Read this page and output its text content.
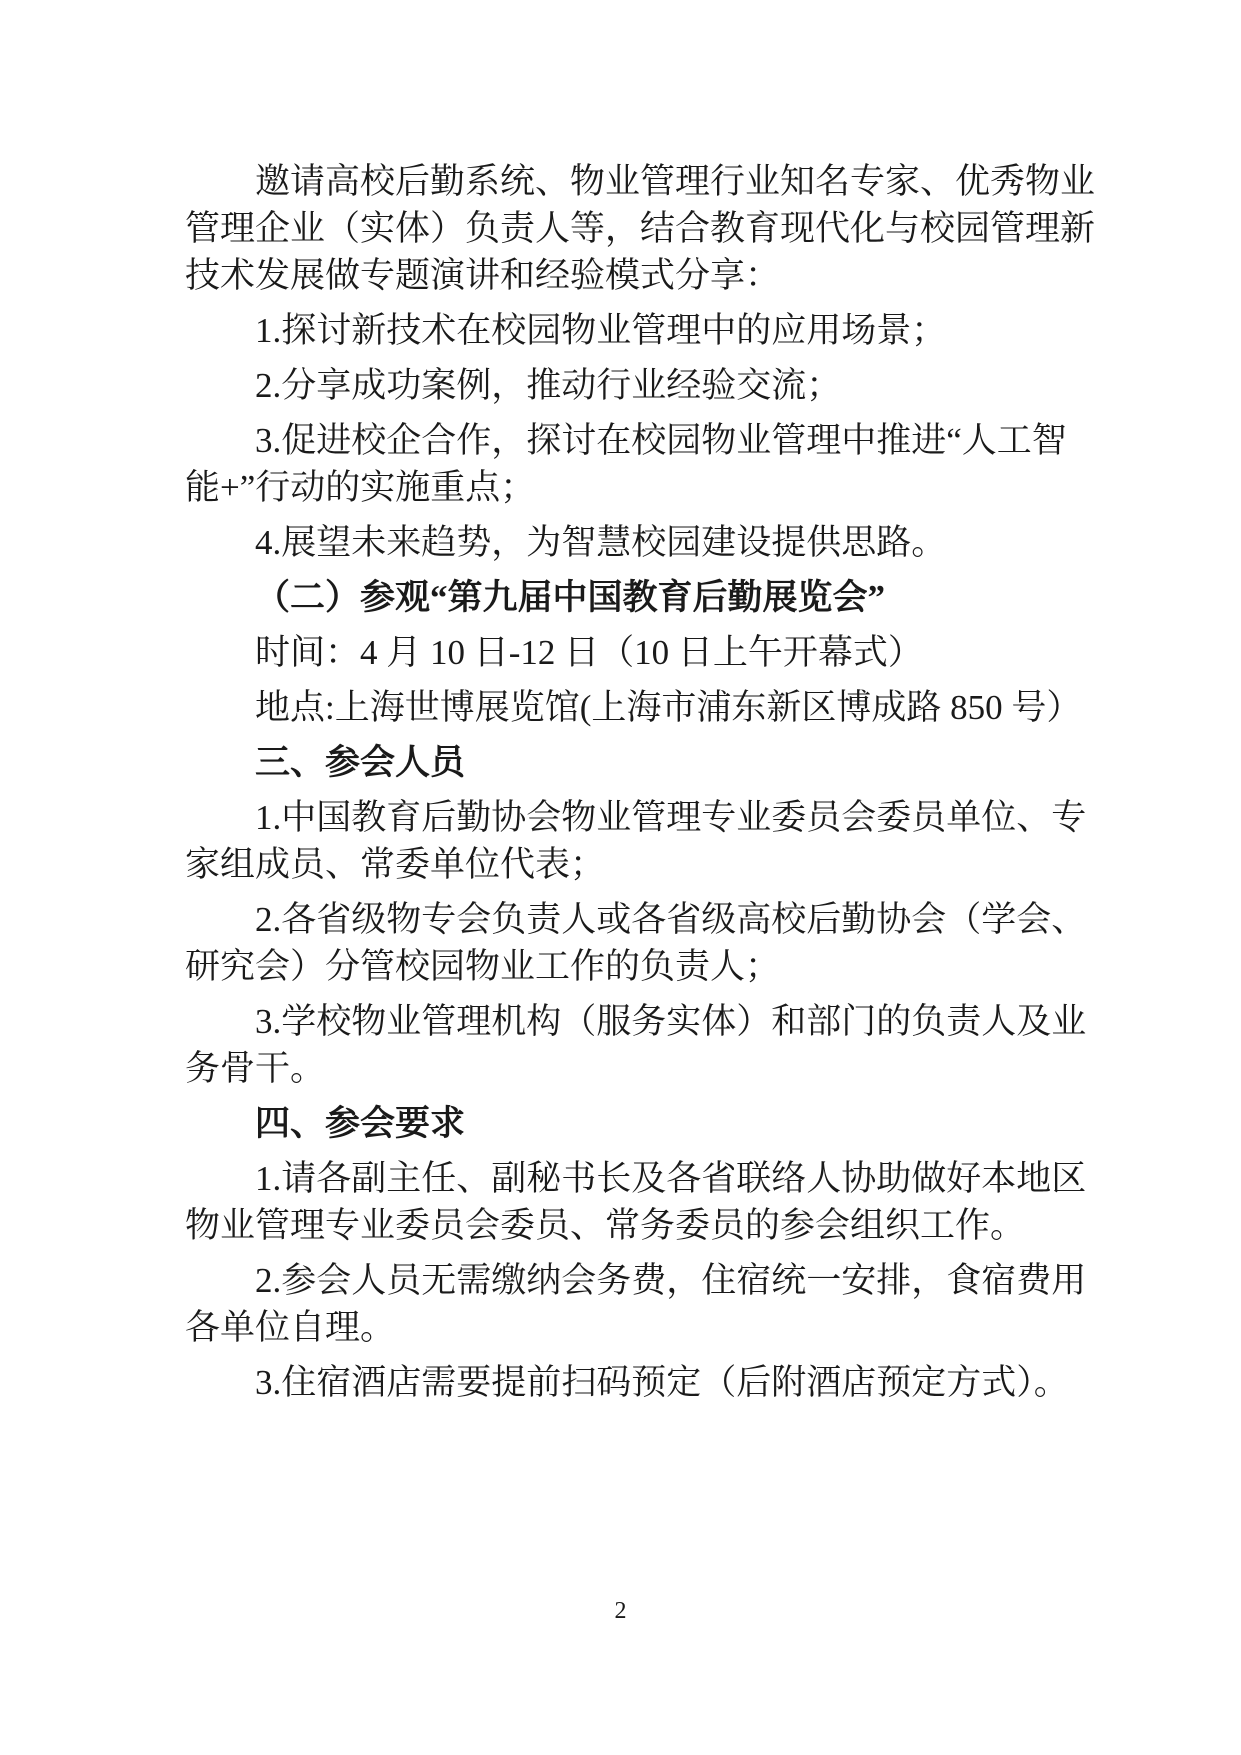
邀请高校后勤系统、物业管理行业知名专家、优秀物业
管理企业（实体）负责人等，结合教育现代化与校园管理新
技术发展做专题演讲和经验模式分享：
1.探讨新技术在校园物业管理中的应用场景；
2.分享成功案例，推动行业经验交流；
3.促进校企合作，探讨在校园物业管理中推进“人工智
能+”行动的实施重点；
4.展望未来趋势，为智慧校园建设提供思路。
（二）参观“第九届中国教育后勤展览会”
时间：4 月 10 日-12 日（10 日上午开幕式）
地点:上海世博展览馆(上海市浦东新区博成路 850 号）
三、参会人员
1.中国教育后勤协会物业管理专业委员会委员单位、专
家组成员、常委单位代表；
2.各省级物专会负责人或各省级高校后勤协会（学会、
研究会）分管校园物业工作的负责人；
3.学校物业管理机构（服务实体）和部门的负责人及业
务骨干。
四、参会要求
1.请各副主任、副秘书长及各省联络人协助做好本地区
物业管理专业委员会委员、常务委员的参会组织工作。
2.参会人员无需缴纳会务费，住宿统一安排，食宿费用
各单位自理。
3.住宿酒店需要提前扫码预定（后附酒店预定方式）。
2
